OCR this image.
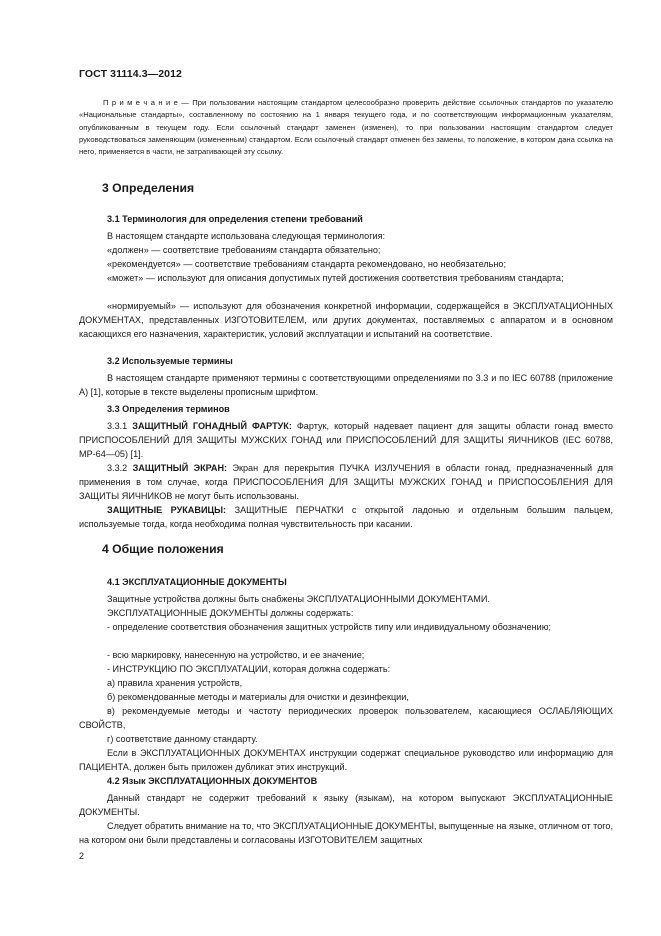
ГОСТ 31114.3—2012
П р и м е ч а н и е — При пользовании настоящим стандартом целесообразно проверить действие ссылочных стандартов по указателю «Национальные стандарты», составленному по состоянию на 1 января текущего года, и по соответствующим информационным указателям, опубликованным в текущем году. Если ссылочный стандарт заменен (изменен), то при пользовании настоящим стандартом следует руководствоваться заменяющим (измененным) стандартом. Если ссылочный стандарт отменен без замены, то положение, в котором дана ссылка на него, применяется в части, не затрагивающей эту ссылку.
3 Определения
3.1 Терминология для определения степени требований

В настоящем стандарте использована следующая терминология:

«должен» — соответствие требованиям стандарта обязательно;

«рекомендуется» — соответствие требованиям стандарта рекомендовано, но необязательно;

«может» — используют для описания допустимых путей достижения соответствия требованиям стандарта;

«нормируемый» — используют для обозначения конкретной информации, содержащейся в ЭКСПЛУАТАЦИОННЫХ ДОКУМЕНТАХ, представленных ИЗГОТОВИТЕЛЕМ, или других документах, поставляемых с аппаратом и в основном касающихся его назначения, характеристик, условий эксплуатации и испытаний на соответствие.

3.2 Используемые термины

В настоящем стандарте применяют термины с соответствующими определениями по 3.3 и по IEC 60788 (приложение А) [1], которые в тексте выделены прописным шрифтом.

3.3 Определения терминов

3.3.1 ЗАЩИТНЫЙ ГОНАДНЫЙ ФАРТУК: Фартук, который надевает пациент для защиты области гонад вместо ПРИСПОСОБЛЕНИЙ ДЛЯ ЗАЩИТЫ МУЖСКИХ ГОНАД или ПРИСПОСОБЛЕНИЙ ДЛЯ ЗАЩИТЫ ЯИЧНИКОВ (IEC 60788, MP-64—05) [1].

3.3.2 ЗАЩИТНЫЙ ЭКРАН: Экран для перекрытия ПУЧКА ИЗЛУЧЕНИЯ в области гонад, предназначенный для применения в том случае, когда ПРИСПОСОБЛЕНИЯ ДЛЯ ЗАЩИТЫ МУЖСКИХ ГОНАД и ПРИСПОСОБЛЕНИЯ ДЛЯ ЗАЩИТЫ ЯИЧНИКОВ не могут быть использованы.

ЗАЩИТНЫЕ РУКАВИЦЫ: ЗАЩИТНЫЕ ПЕРЧАТКИ с открытой ладонью и отдельным большим пальцем, используемые тогда, когда необходима полная чувствительность при касании.

4 Общие положения
4.1 ЭКСПЛУАТАЦИОННЫЕ ДОКУМЕНТЫ

Защитные устройства должны быть снабжены ЭКСПЛУАТАЦИОННЫМИ ДОКУМЕНТАМИ.

ЭКСПЛУАТАЦИОННЫЕ ДОКУМЕНТЫ должны содержать:

- определение соответствия обозначения защитных устройств типу или индивидуальному обозначению;

- всю маркировку, нанесенную на устройство, и ее значение;

- ИНСТРУКЦИЮ ПО ЭКСПЛУАТАЦИИ, которая должна содержать:

а) правила хранения устройств,

б) рекомендованные методы и материалы для очистки и дезинфекции,

в) рекомендуемые методы и частоту периодических проверок пользователем, касающиеся ОСЛАБЛЯЮЩИХ СВОЙСТВ,

г) соответствие данному стандарту.

Если в ЭКСПЛУАТАЦИОННЫХ ДОКУМЕНТАХ инструкции содержат специальное руководство или информацию для ПАЦИЕНТА, должен быть приложен дубликат этих инструкций.

4.2 Язык ЭКСПЛУАТАЦИОННЫХ ДОКУМЕНТОВ

Данный стандарт не содержит требований к языку (языкам), на котором выпускают ЭКСПЛУАТАЦИОННЫЕ ДОКУМЕНТЫ.

Следует обратить внимание на то, что ЭКСПЛУАТАЦИОННЫЕ ДОКУМЕНТЫ, выпущенные на языке, отличном от того, на котором они были представлены и согласованы ИЗГОТОВИТЕЛЕМ защитных

2
